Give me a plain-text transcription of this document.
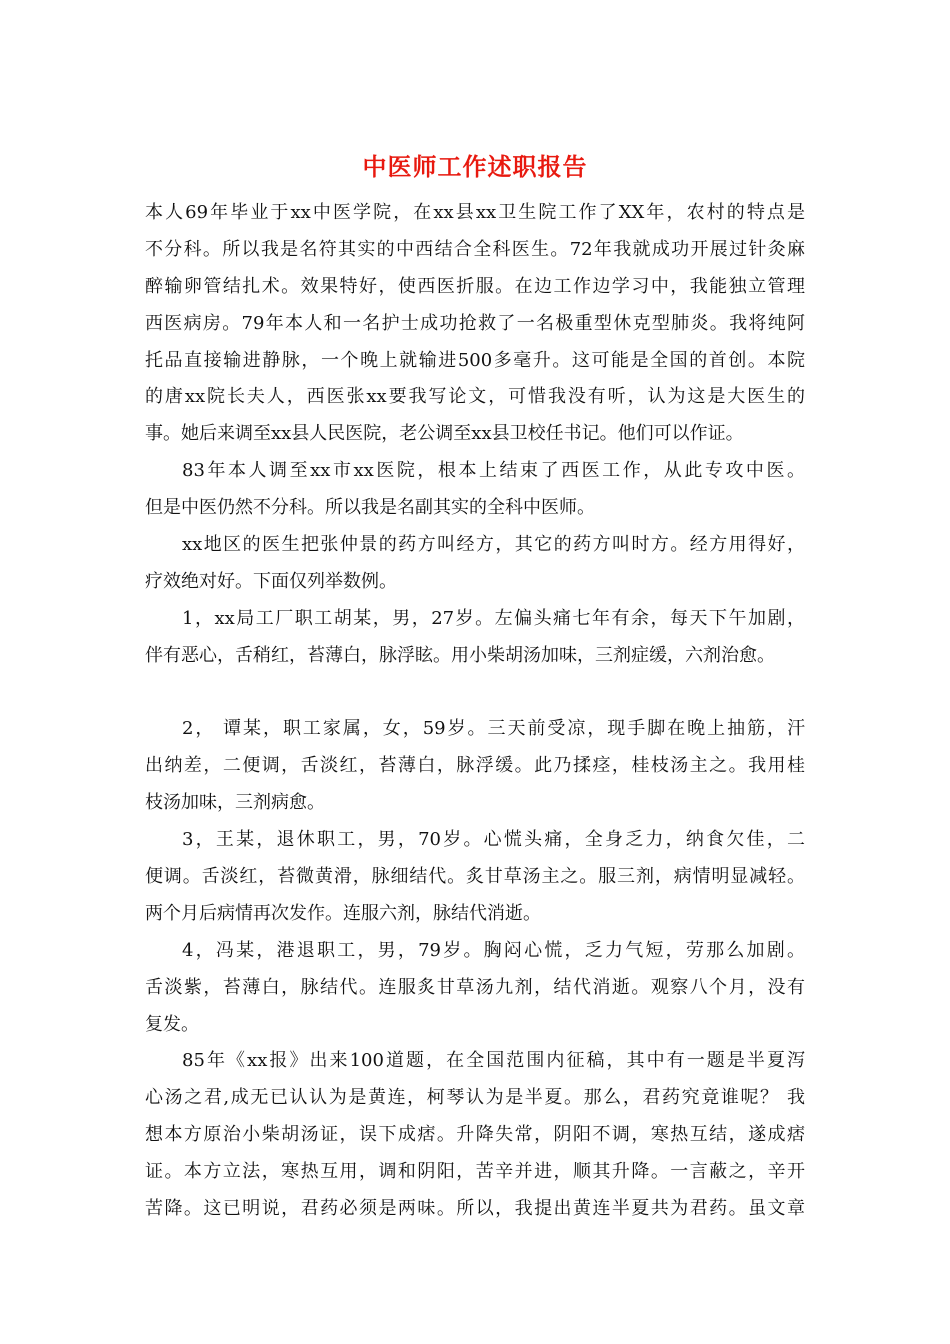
中医师工作述职报告
本人69年毕业于xx中医学院，在xx县xx卫生院工作了XX年，农村的特点是
不分科。所以我是名符其实的中西结合全科医生。72年我就成功开展过针灸麻
醉输卵管结扎术。效果特好，使西医折服。在边工作边学习中，我能独立管理
西医病房。79年本人和一名护士成功抢救了一名极重型休克型肺炎。我将纯阿
托品直接输进静脉，一个晚上就输进500多毫升。这可能是全国的首创。本院
的唐xx院长夫人，西医张xx要我写论文，可惜我没有听，认为这是大医生的
事。她后来调至xx县人民医院，老公调至xx县卫校任书记。他们可以作证。
83年本人调至xx市xx医院，根本上结束了西医工作，从此专攻中医。
但是中医仍然不分科。所以我是名副其实的全科中医师。
xx地区的医生把张仲景的药方叫经方，其它的药方叫时方。经方用得好，
疗效绝对好。下面仅列举数例。
1，xx局工厂职工胡某，男，27岁。左偏头痛七年有余，每天下午加剧，
伴有恶心，舌稍红，苔薄白，脉浮眩。用小柴胡汤加味，三剂症缓，六剂治愈。
2， 谭某，职工家属，女，59岁。三天前受凉，现手脚在晚上抽筋，汗
出纳差，二便调，舌淡红，苔薄白，脉浮缓。此乃揉痉，桂枝汤主之。我用桂
枝汤加味，三剂病愈。
3，王某，退休职工，男，70岁。心慌头痛，全身乏力，纳食欠佳，二
便调。舌淡红，苔微黄滑，脉细结代。炙甘草汤主之。服三剂，病情明显减轻。
两个月后病情再次发作。连服六剂，脉结代消逝。
4，冯某，港退职工，男，79岁。胸闷心慌，乏力气短，劳那么加剧。
舌淡紫，苔薄白，脉结代。连服炙甘草汤九剂，结代消逝。观察八个月，没有
复发。
85年《xx报》出来100道题，在全国范围内征稿，其中有一题是半夏泻
心汤之君,成无已认认为是黄连，柯琴认为是半夏。那么，君药究竟谁呢？ 我
想本方原治小柴胡汤证，误下成痞。升降失常，阴阳不调，寒热互结，遂成痞
证。本方立法，寒热互用，调和阴阳，苦辛并进，顺其升降。一言蔽之，辛开
苦降。这已明说，君药必须是两味。所以，我提出黄连半夏共为君药。虽文章
